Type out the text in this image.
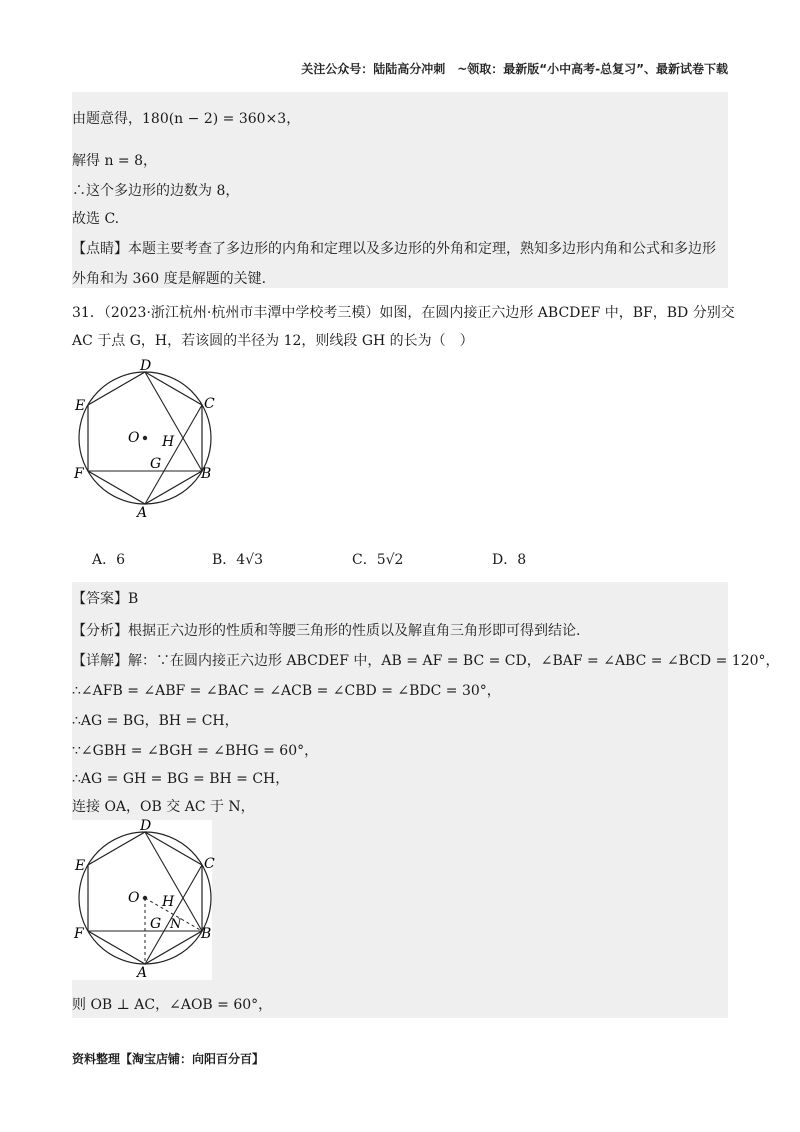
关注公众号：陆陆高分冲刺　~领取：最新版“小中高考-总复习”、最新试卷下载
由题意得，180(n − 2) = 360×3，
解得 n = 8，
∴这个多边形的边数为 8，
故选 C.
【点睛】本题主要考查了多边形的内角和定理以及多边形的外角和定理，熟知多边形内角和公式和多边形
外角和为 360 度是解题的关键.
31．（2023·浙江杭州·杭州市丰潭中学校考三模）如图，在圆内接正六边形 ABCDEF 中，BF，BD 分别交
AC 于点 G，H，若该圆的半径为 12，则线段 GH 的长为（　）
D
E	C
O H
G
F	B
A
A．6	B．4√3	C．5√2	D．8
【答案】B
【分析】根据正六边形的性质和等腰三角形的性质以及解直角三角形即可得到结论.
【详解】解：∵在圆内接正六边形 ABCDEF 中，AB = AF = BC = CD，∠BAF = ∠ABC = ∠BCD = 120°，
∴∠AFB = ∠ABF = ∠BAC = ∠ACB = ∠CBD = ∠BDC = 30°，
∴AG = BG，BH = CH，
∵∠GBH = ∠BGH = ∠BHG = 60°，
∴AG = GH = BG = BH = CH，
连接 OA，OB 交 AC 于 N，
D
E	C
O H
G N
F	B
A
则 OB ⊥ AC，∠AOB = 60°，
资料整理【淘宝店铺：向阳百分百】
